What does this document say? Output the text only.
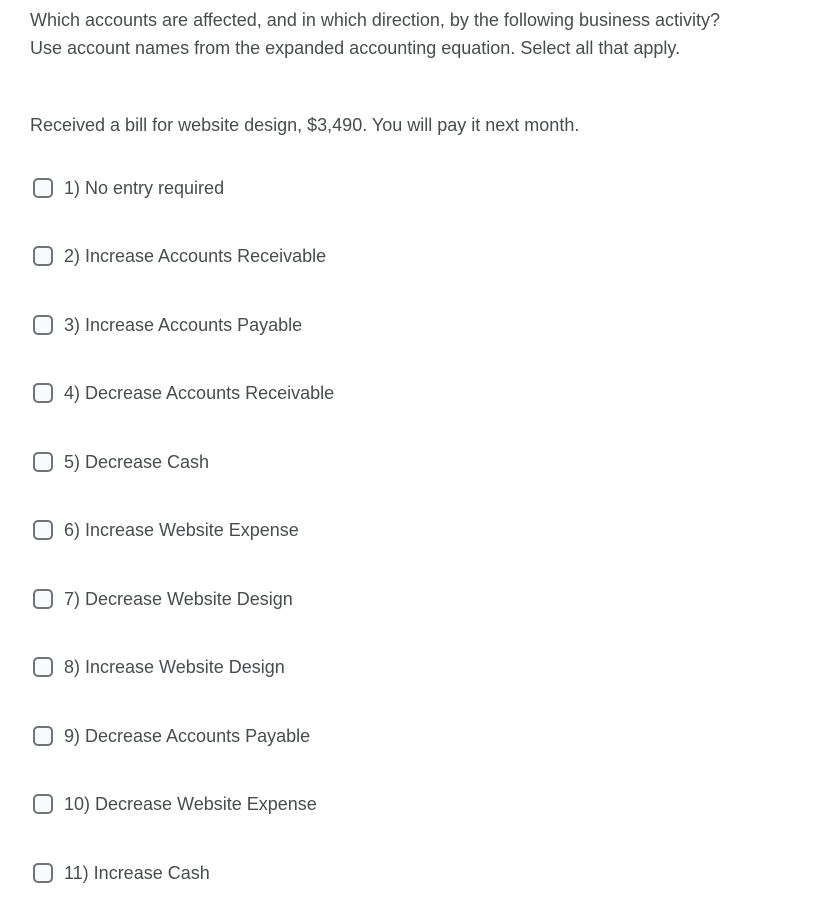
Which accounts are affected, and in which direction, by the following business activity? Use account names from the expanded accounting equation. Select all that apply.

Received a bill for website design, $3,490. You will pay it next month.

1) No entry required
2) Increase Accounts Receivable
3) Increase Accounts Payable
4) Decrease Accounts Receivable
5) Decrease Cash
6) Increase Website Expense
7) Decrease Website Design
8) Increase Website Design
9) Decrease Accounts Payable
10) Decrease Website Expense
11) Increase Cash
